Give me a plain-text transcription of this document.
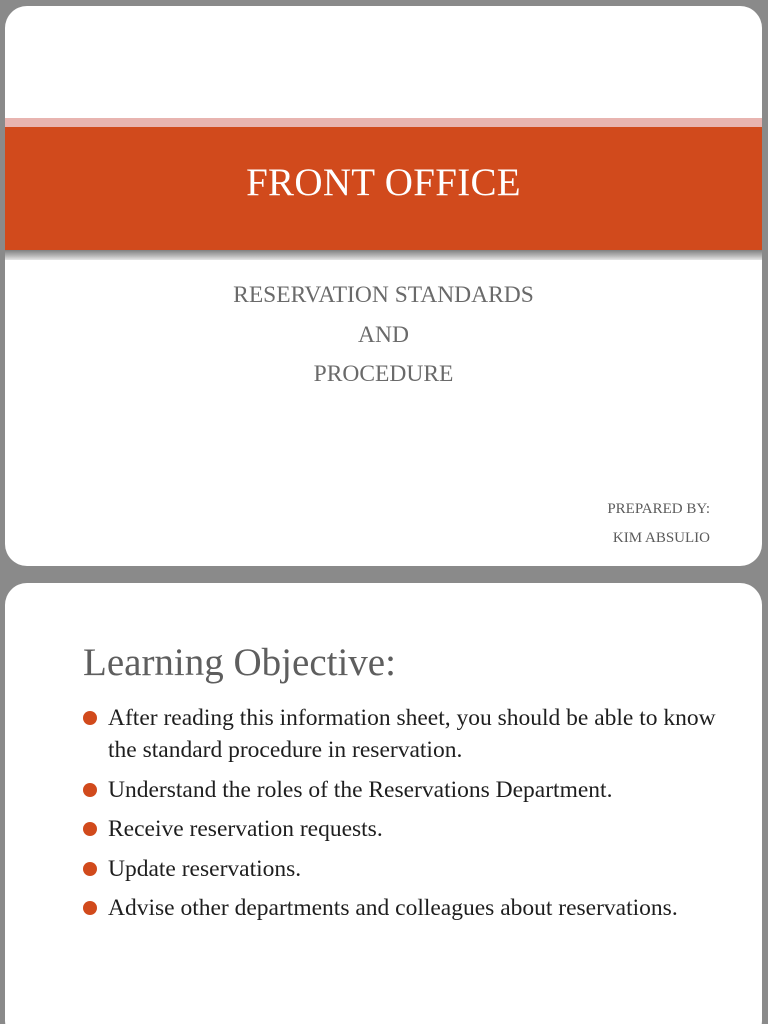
FRONT OFFICE
RESERVATION STANDARDS
AND
PROCEDURE
PREPARED BY:
KIM ABSULIO
Learning Objective:
After reading this information sheet, you should be able to know the standard procedure in reservation.
Understand the roles of the Reservations Department.
Receive reservation requests.
Update reservations.
Advise other departments and colleagues about reservations.
